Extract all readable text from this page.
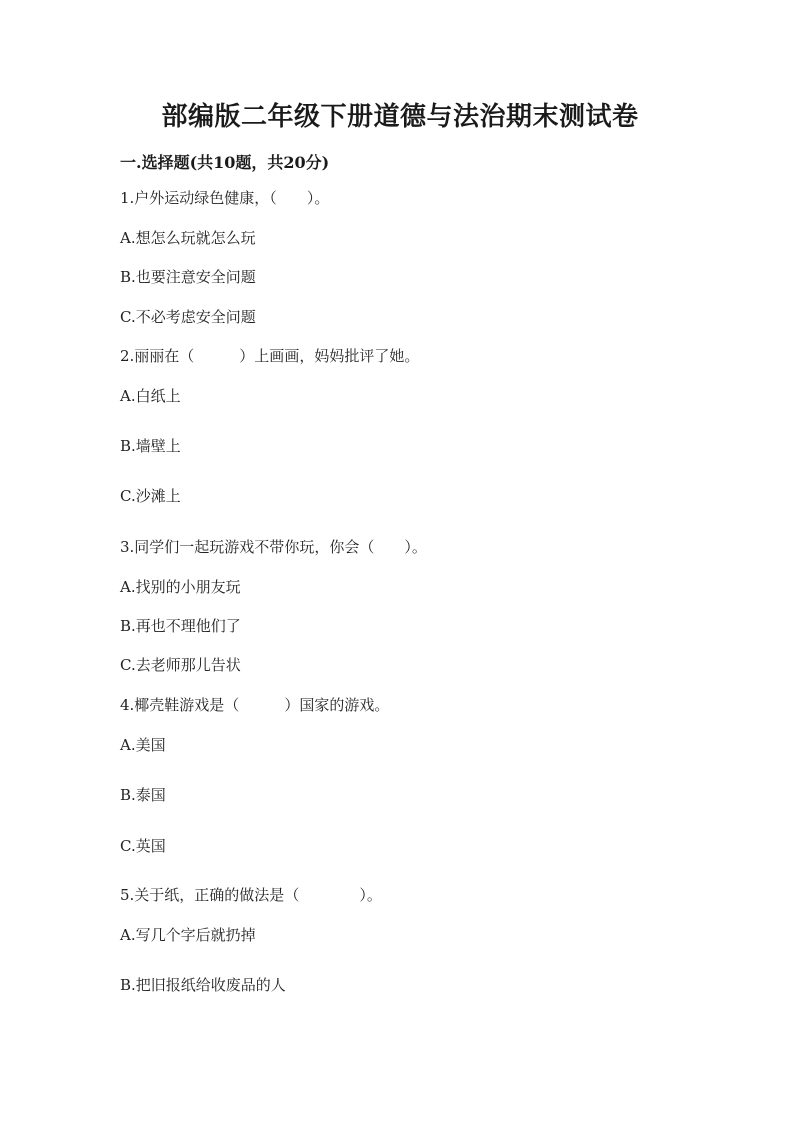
部编版二年级下册道德与法治期末测试卷
一.选择题(共10题，共20分)
1.户外运动绿色健康，（　　）。
A.想怎么玩就怎么玩
B.也要注意安全问题
C.不必考虑安全问题
2.丽丽在（　　　）上画画，妈妈批评了她。
A.白纸上
B.墙壁上
C.沙滩上
3.同学们一起玩游戏不带你玩，你会（　　）。
A.找别的小朋友玩
B.再也不理他们了
C.去老师那儿告状
4.椰壳鞋游戏是（　　　）国家的游戏。
A.美国
B.泰国
C.英国
5.关于纸，正确的做法是（　　　　）。
A.写几个字后就扔掉
B.把旧报纸给收废品的人
